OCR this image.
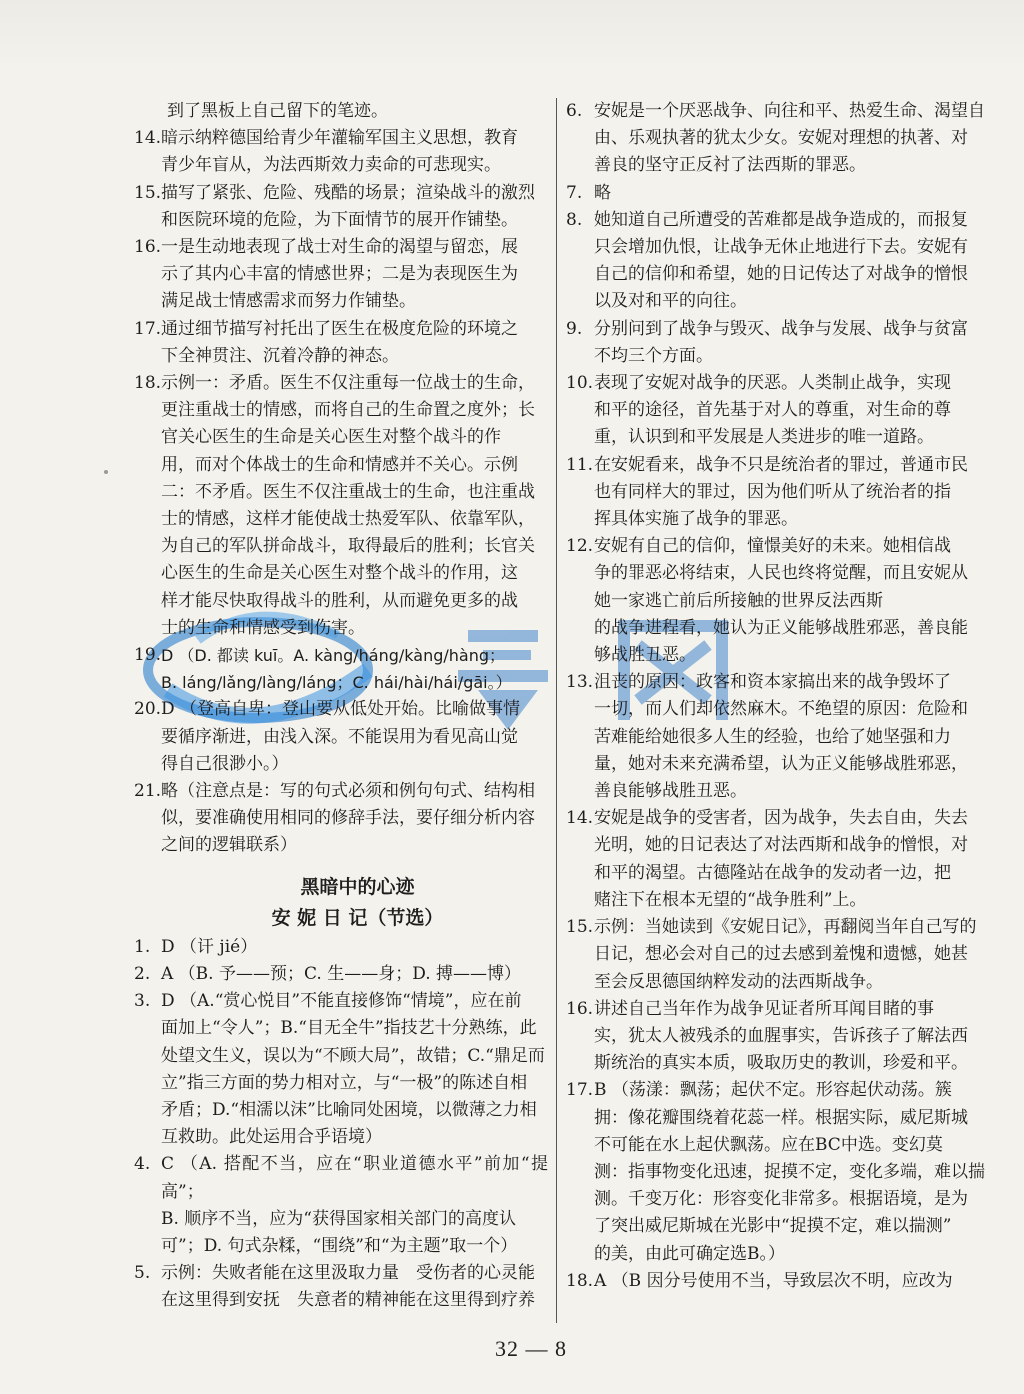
到了黑板上自己留下的笔迹。
14. 暗示纳粹德国给青少年灌输军国主义思想，教育
青少年盲从，为法西斯效力卖命的可悲现实。
15. 描写了紧张、危险、残酷的场景；渲染战斗的激烈
和医院环境的危险，为下面情节的展开作铺垫。
16. 一是生动地表现了战士对生命的渴望与留恋，展
示了其内心丰富的情感世界；二是为表现医生为
满足战士情感需求而努力作铺垫。
17. 通过细节描写衬托出了医生在极度危险的环境之
下全神贯注、沉着冷静的神态。
18. 示例一：矛盾。医生不仅注重每一位战士的生命，
更注重战士的情感，而将自己的生命置之度外；长
官关心医生的生命是关心医生对整个战斗的作
用，而对个体战士的生命和情感并不关心。示例
二：不矛盾。医生不仅注重战士的生命，也注重战
士的情感，这样才能使战士热爱军队、依靠军队，
为自己的军队拼命战斗，取得最后的胜利；长官关
心医生的生命是关心医生对整个战斗的作用，这
样才能尽快取得战斗的胜利，从而避免更多的战
士的生命和情感受到伤害。
19. D （D. 都读 kuī。A. kàng/háng/kàng/hàng；
B. láng/lǎng/làng/láng；C. hái/hài/hái/gāi。）
20. D （登高自卑：登山要从低处开始。比喻做事情
要循序渐进，由浅入深。不能误用为看见高山觉
得自己很渺小。）
21. 略（注意点是：写的句式必须和例句句式、结构相
似，要准确使用相同的修辞手法，要仔细分析内容
之间的逻辑联系）
黑暗中的心迹
安 妮 日 记（节选）
1. D （讦 jié）
2. A （B. 予——预；C. 生——身；D. 搏——博）
3. D （A.“赏心悦目”不能直接修饰“情境”，应在前
面加上“令人”；B.“目无全牛”指技艺十分熟练，此
处望文生义，误以为“不顾大局”，故错；C.“鼎足而
立”指三方面的势力相对立，与“一极”的陈述自相
矛盾；D.“相濡以沫”比喻同处困境，以微薄之力相
互救助。此处运用合乎语境）
4. C （A. 搭配不当，应在“职业道德水平”前加“提高”；
B. 顺序不当，应为“获得国家相关部门的高度认
可”；D. 句式杂糅，“围绕”和“为主题”取一个）
5. 示例：失败者能在这里汲取力量　受伤者的心灵能
在这里得到安抚　失意者的精神能在这里得到疗养
6. 安妮是一个厌恶战争、向往和平、热爱生命、渴望自
由、乐观执著的犹太少女。安妮对理想的执著、对
善良的坚守正反衬了法西斯的罪恶。
7. 略
8. 她知道自己所遭受的苦难都是战争造成的，而报复
只会增加仇恨，让战争无休止地进行下去。安妮有
自己的信仰和希望，她的日记传达了对战争的憎恨
以及对和平的向往。
9. 分别问到了战争与毁灭、战争与发展、战争与贫富
不均三个方面。
10. 表现了安妮对战争的厌恶。人类制止战争，实现
和平的途径，首先基于对人的尊重，对生命的尊
重，认识到和平发展是人类进步的唯一道路。
11. 在安妮看来，战争不只是统治者的罪过，普通市民
也有同样大的罪过，因为他们听从了统治者的指
挥具体实施了战争的罪恶。
12. 安妮有自己的信仰，憧憬美好的未来。她相信战
争的罪恶必将结束，人民也终将觉醒，而且安妮从
她一家逃亡前后所接触的世界反法西斯
的战争进程看，她认为正义能够战胜邪恶，善良能
够战胜丑恶。
13. 沮丧的原因：政客和资本家搞出来的战争毁坏了
一切，而人们却依然麻木。不绝望的原因：危险和
苦难能给她很多人生的经验，也给了她坚强和力
量，她对未来充满希望，认为正义能够战胜邪恶，
善良能够战胜丑恶。
14. 安妮是战争的受害者，因为战争，失去自由，失去
光明，她的日记表达了对法西斯和战争的憎恨，对
和平的渴望。古德隆站在战争的发动者一边，把
赌注下在根本无望的“战争胜利”上。
15. 示例：当她读到《安妮日记》，再翻阅当年自己写的
日记，想必会对自己的过去感到羞愧和遗憾，她甚
至会反思德国纳粹发动的法西斯战争。
16. 讲述自己当年作为战争见证者所耳闻目睹的事
实，犹太人被残杀的血腥事实，告诉孩子了解法西
斯统治的真实本质，吸取历史的教训，珍爱和平。
17. B （荡漾：飘荡；起伏不定。形容起伏动荡。簇
拥：像花瓣围绕着花蕊一样。根据实际，威尼斯城
不可能在水上起伏飘荡。应在BC中选。变幻莫
测：指事物变化迅速，捉摸不定，变化多端，难以揣
测。千变万化：形容变化非常多。根据语境，是为
了突出威尼斯城在光影中“捉摸不定，难以揣测”
的美，由此可确定选B。）
18. A （B 因分号使用不当，导致层次不明，应改为
32 — 8
